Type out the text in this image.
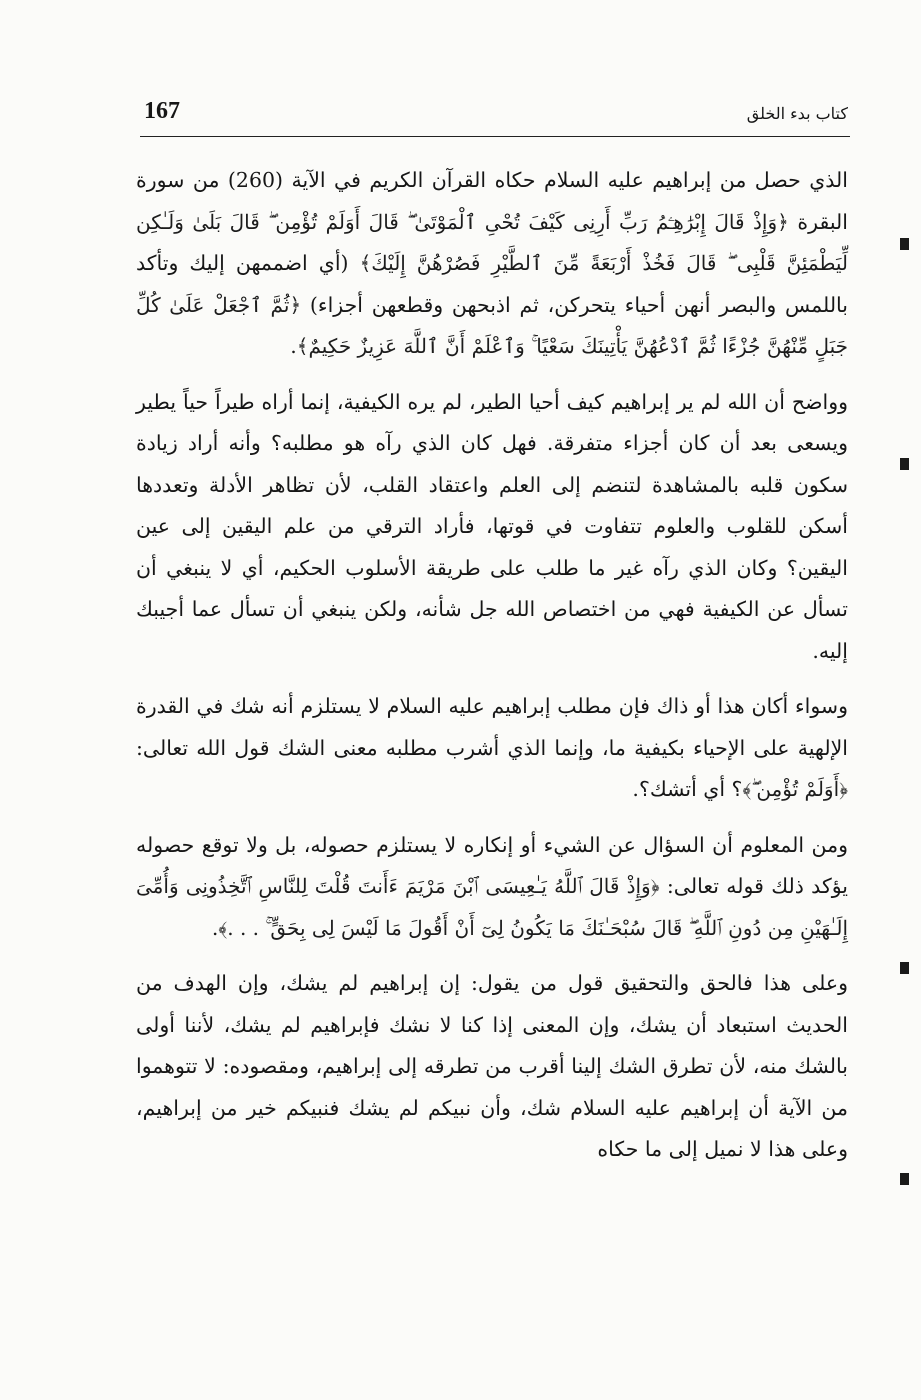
167	كتاب بدء الخلق

الذي حصل من إبراهيم عليه السلام حكاه القرآن الكريم في الآية (260) من سورة البقرة ﴿وَإِذْ قَالَ إِبْرَٰهِـۧمُ رَبِّ أَرِنِى كَيْفَ تُحْىِ ٱلْمَوْتَىٰ ۖ قَالَ أَوَلَمْ تُؤْمِن ۖ قَالَ بَلَىٰ وَلَـٰكِن لِّيَطْمَئِنَّ قَلْبِى ۖ قَالَ فَخُذْ أَرْبَعَةً مِّنَ ٱلطَّيْرِ فَصُرْهُنَّ إِلَيْكَ﴾ (أي اضممهن إليك وتأكد باللمس والبصر أنهن أحياء يتحركن، ثم اذبحهن وقطعهن أجزاء) ﴿ثُمَّ ٱجْعَلْ عَلَىٰ كُلِّ جَبَلٍ مِّنْهُنَّ جُزْءًا ثُمَّ ٱدْعُهُنَّ يَأْتِينَكَ سَعْيًا ۚ وَٱعْلَمْ أَنَّ ٱللَّهَ عَزِيزٌ حَكِيمٌ﴾.

وواضح أن الله لم ير إبراهيم كيف أحيا الطير، لم يره الكيفية، إنما أراه طيراً حياً يطير ويسعى بعد أن كان أجزاء متفرقة. فهل كان الذي رآه هو مطلبه؟ وأنه أراد زيادة سكون قلبه بالمشاهدة لتنضم إلى العلم واعتقاد القلب، لأن تظاهر الأدلة وتعددها أسكن للقلوب والعلوم تتفاوت في قوتها، فأراد الترقي من علم اليقين إلى عين اليقين؟ وكان الذي رآه غير ما طلب على طريقة الأسلوب الحكيم، أي لا ينبغي أن تسأل عن الكيفية فهي من اختصاص الله جل شأنه، ولكن ينبغي أن تسأل عما أجيبك إليه.

وسواء أكان هذا أو ذاك فإن مطلب إبراهيم عليه السلام لا يستلزم أنه شك في القدرة الإلهية على الإحياء بكيفية ما، وإنما الذي أشرب مطلبه معنى الشك قول الله تعالى: ﴿أَوَلَمْ تُؤْمِن ۖ﴾؟ أي أتشك؟.

ومن المعلوم أن السؤال عن الشيء أو إنكاره لا يستلزم حصوله، بل ولا توقع حصوله يؤكد ذلك قوله تعالى: ﴿وَإِذْ قَالَ ٱللَّهُ يَـٰعِيسَى ٱبْنَ مَرْيَمَ ءَأَنتَ قُلْتَ لِلنَّاسِ ٱتَّخِذُونِى وَأُمِّىَ إِلَـٰهَيْنِ مِن دُونِ ٱللَّهِ ۖ قَالَ سُبْحَـٰنَكَ مَا يَكُونُ لِىٓ أَنْ أَقُولَ مَا لَيْسَ لِى بِحَقٍّ ۚ . . .﴾.

وعلى هذا فالحق والتحقيق قول من يقول: إن إبراهيم لم يشك، وإن الهدف من الحديث استبعاد أن يشك، وإن المعنى إذا كنا لا نشك فإبراهيم لم يشك، لأننا أولى بالشك منه، لأن تطرق الشك إلينا أقرب من تطرقه إلى إبراهيم، ومقصوده: لا تتوهموا من الآية أن إبراهيم عليه السلام شك، وأن نبيكم لم يشك فنبيكم خير من إبراهيم، وعلى هذا لا نميل إلى ما حكاه
